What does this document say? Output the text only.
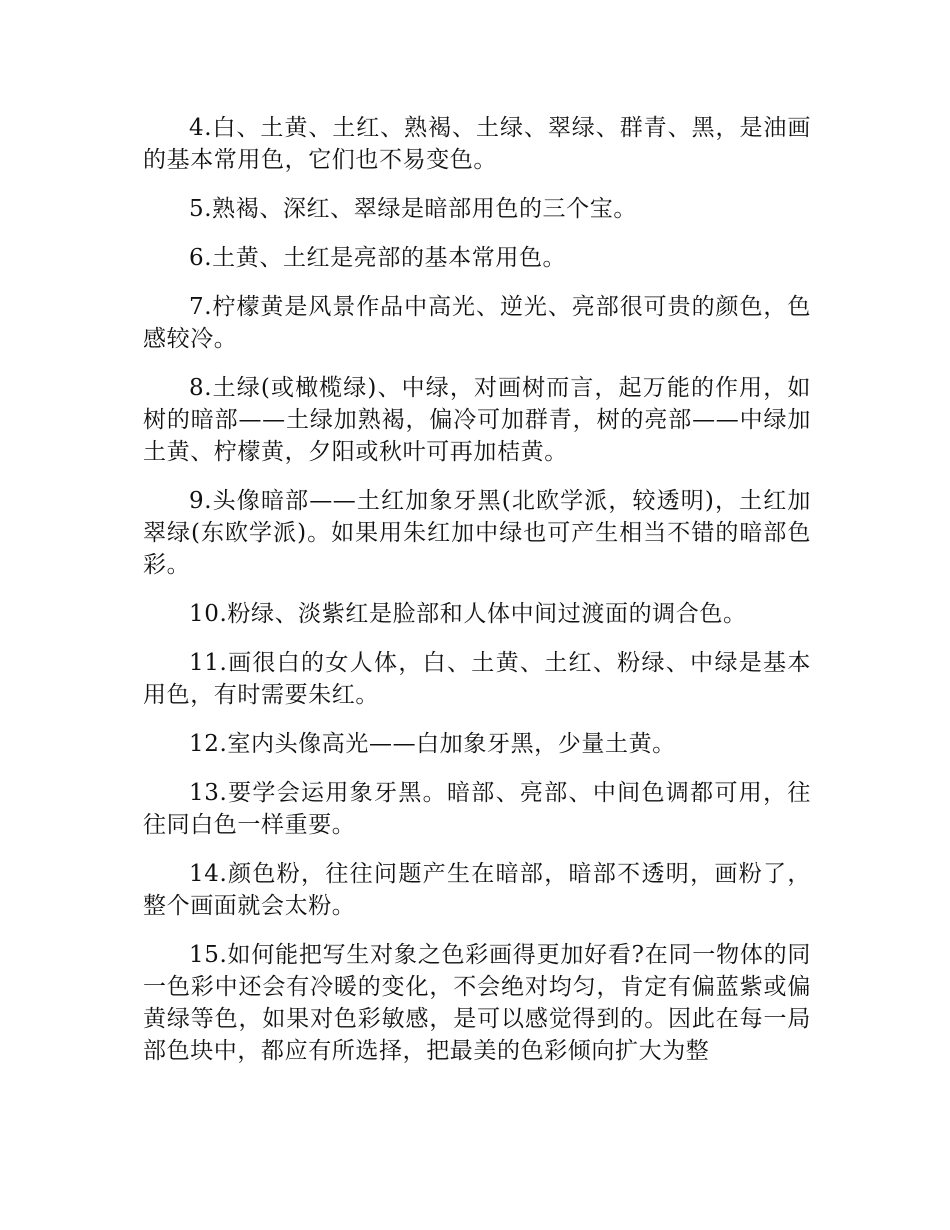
4.白、土黄、土红、熟褐、土绿、翠绿、群青、黑，是油画的基本常用色，它们也不易变色。

5.熟褐、深红、翠绿是暗部用色的三个宝。

6.土黄、土红是亮部的基本常用色。

7.柠檬黄是风景作品中高光、逆光、亮部很可贵的颜色，色感较冷。

8.土绿(或橄榄绿)、中绿，对画树而言，起万能的作用，如树的暗部——土绿加熟褐，偏冷可加群青，树的亮部——中绿加土黄、柠檬黄，夕阳或秋叶可再加桔黄。

9.头像暗部——土红加象牙黑(北欧学派，较透明)，土红加翠绿(东欧学派)。如果用朱红加中绿也可产生相当不错的暗部色彩。

10.粉绿、淡紫红是脸部和人体中间过渡面的调合色。

11.画很白的女人体，白、土黄、土红、粉绿、中绿是基本用色，有时需要朱红。

12.室内头像高光——白加象牙黑，少量土黄。

13.要学会运用象牙黑。暗部、亮部、中间色调都可用，往往同白色一样重要。

14.颜色粉，往往问题产生在暗部，暗部不透明，画粉了，整个画面就会太粉。

15.如何能把写生对象之色彩画得更加好看?在同一物体的同一色彩中还会有冷暖的变化，不会绝对均匀，肯定有偏蓝紫或偏黄绿等色，如果对色彩敏感，是可以感觉得到的。因此在每一局部色块中，都应有所选择，把最美的色彩倾向扩大为整
